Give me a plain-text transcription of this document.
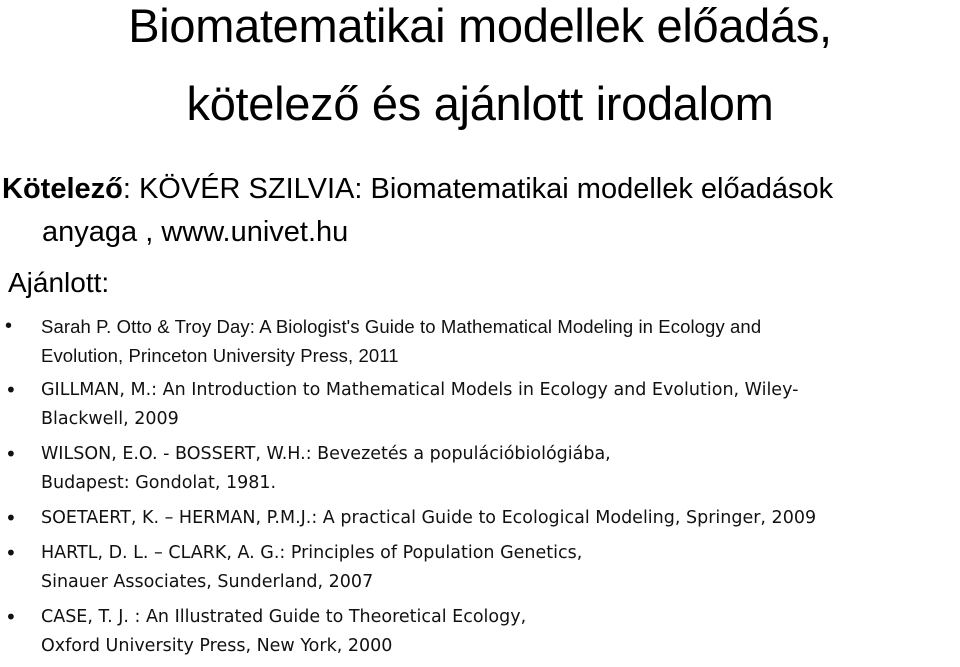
Biomatematikai modellek előadás,
kötelező és ajánlott irodalom
Kötelező: KÖVÉR SZILVIA: Biomatematikai modellek előadások
anyaga , www.univet.hu
Ajánlott:
• Sarah P. Otto & Troy Day: A Biologist's Guide to Mathematical Modeling in Ecology and
Evolution, Princeton University Press, 2011
• GILLMAN, M.: An Introduction to Mathematical Models in Ecology and Evolution, Wiley-
Blackwell, 2009
• WILSON, E.O. - BOSSERT, W.H.: Bevezetés a populációbiológiába,
Budapest: Gondolat, 1981.
• SOETAERT, K. – HERMAN, P.M.J.: A practical Guide to Ecological Modeling, Springer, 2009
• HARTL, D. L. – CLARK, A. G.: Principles of Population Genetics,
Sinauer Associates, Sunderland, 2007
• CASE, T. J. : An Illustrated Guide to Theoretical Ecology,
Oxford University Press, New York, 2000
